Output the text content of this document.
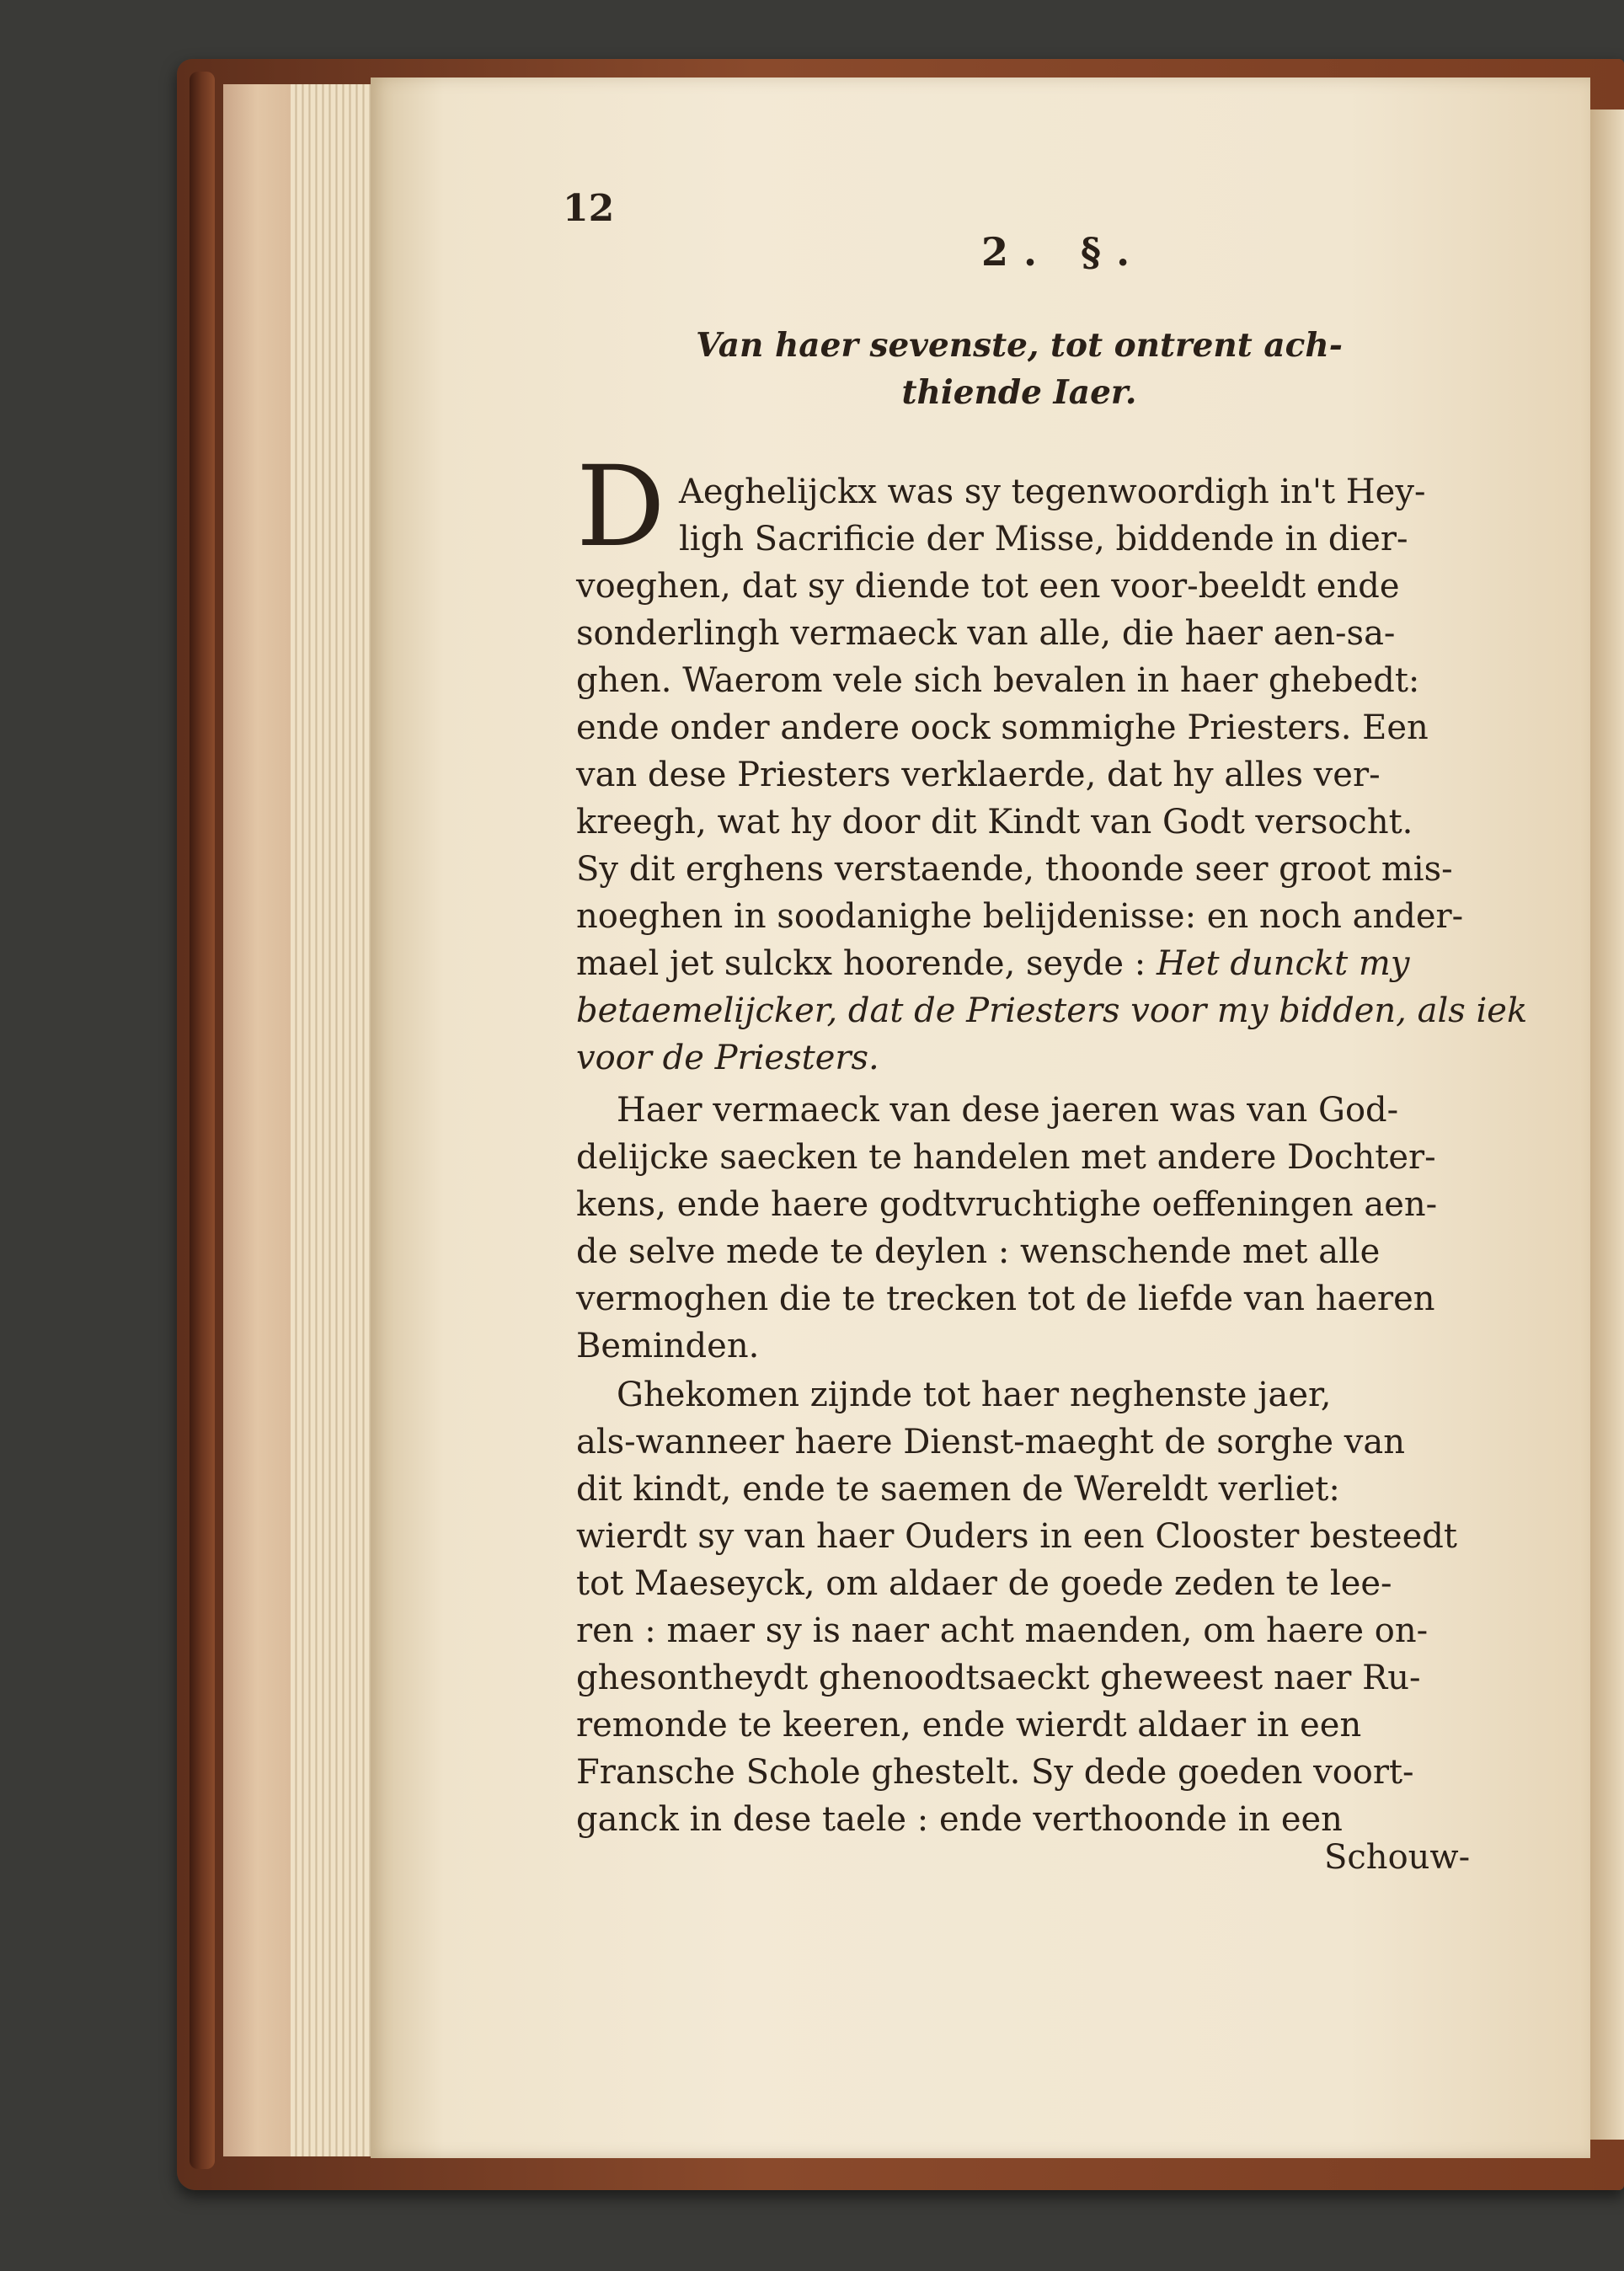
12
2. §.
Van haer sevenste, tot ontrent ach-
thiende Iaer.
D Aeghelijckx was sy tegenwoordigh in't Hey-
ligh Sacrificie der Misse, biddende in dier-
voeghen, dat sy diende tot een voor-beeldt ende
sonderlingh vermaeck van alle, die haer aen-sa-
ghen. Waerom vele sich bevalen in haer ghebedt:
ende onder andere oock sommighe Priesters. Een
van dese Priesters verklaerde, dat hy alles ver-
kreegh, wat hy door dit Kindt van Godt versocht.
Sy dit erghens verstaende, thoonde seer groot mis-
noeghen in soodanighe belijdenisse: en noch ander-
mael jet sulckx hoorende, seyde : Het dunckt my
betaemelijcker, dat de Priesters voor my bidden, als iek
voor de Priesters.
Haer vermaeck van dese jaeren was van God-
delijcke saecken te handelen met andere Dochter-
kens, ende haere godtvruchtighe oeffeningen aen-
de selve mede te deylen : wenschende met alle
vermoghen die te trecken tot de liefde van haeren
Beminden.
Ghekomen zijnde tot haer neghenste jaer,
als-wanneer haere Dienst-maeght de sorghe van
dit kindt, ende te saemen de Wereldt verliet:
wierdt sy van haer Ouders in een Clooster besteedt
tot Maeseyck, om aldaer de goede zeden te lee-
ren : maer sy is naer acht maenden, om haere on-
ghesontheydt ghenoodtsaeckt gheweest naer Ru-
remonde te keeren, ende wierdt aldaer in een
Fransche Schole ghestelt. Sy dede goeden voort-
ganck in dese taele : ende verthoonde in een
Schouw-
